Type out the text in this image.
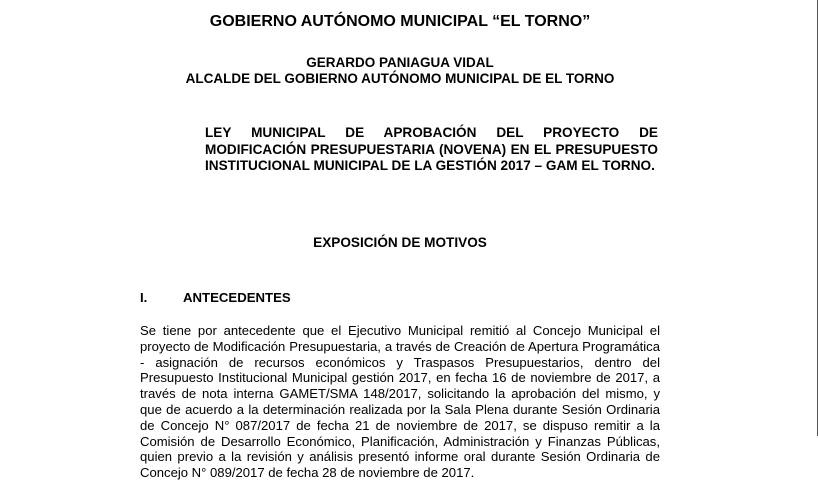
GOBIERNO AUTÓNOMO MUNICIPAL “EL TORNO”
GERARDO PANIAGUA VIDAL
ALCALDE DEL GOBIERNO AUTÓNOMO MUNICIPAL DE EL TORNO
LEY MUNICIPAL DE APROBACIÓN DEL PROYECTO DE MODIFICACIÓN PRESUPUESTARIA (NOVENA) EN EL PRESUPUESTO INSTITUCIONAL MUNICIPAL DE LA GESTIÓN 2017 – GAM EL TORNO.
EXPOSICIÓN DE MOTIVOS
I.	ANTECEDENTES
Se tiene por antecedente que el Ejecutivo Municipal remitió al Concejo Municipal el proyecto de Modificación Presupuestaria, a través de Creación de Apertura Programática - asignación de recursos económicos y Traspasos Presupuestarios, dentro del Presupuesto Institucional Municipal gestión 2017, en fecha 16 de noviembre de 2017, a través de nota interna GAMET/SMA 148/2017, solicitando la aprobación del mismo, y que de acuerdo a la determinación realizada por la Sala Plena durante Sesión Ordinaria de Concejo N° 087/2017 de fecha 21 de noviembre de 2017, se dispuso remitir a la Comisión de Desarrollo Económico, Planificación, Administración y Finanzas Públicas, quien previo a la revisión y análisis presentó informe oral durante Sesión Ordinaria de Concejo N° 089/2017 de fecha 28 de noviembre de 2017.
